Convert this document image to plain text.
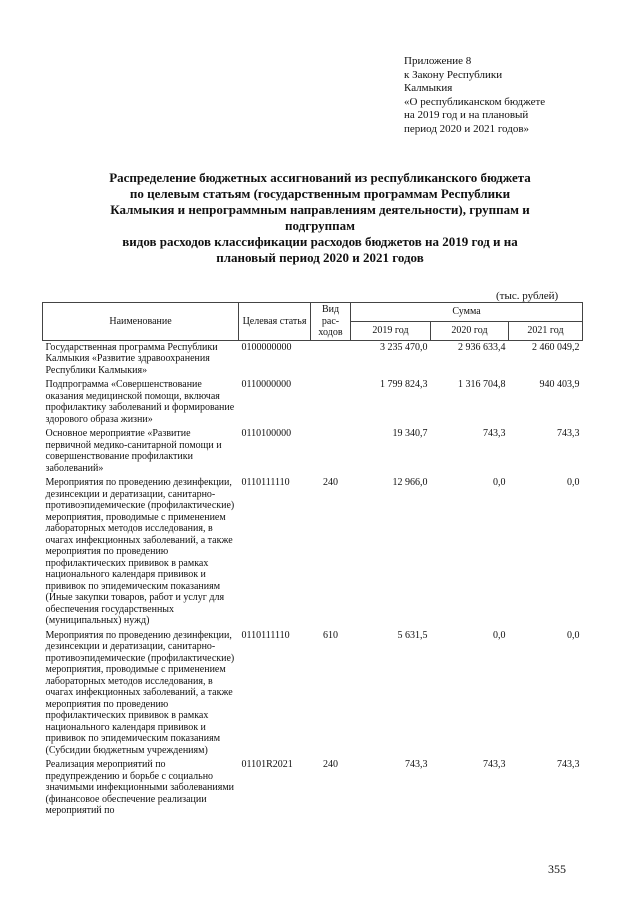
Приложение 8
к Закону Республики
Калмыкия
«О республиканском бюджете
на 2019 год и на плановый
период 2020 и 2021 годов»
Распределение бюджетных ассигнований из республиканского бюджета
по целевым статьям (государственным программам Республики
Калмыкия и непрограммным направлениям деятельности), группам и
подгруппам
видов расходов классификации расходов бюджетов на 2019 год и на
плановый период 2020 и 2021 годов
(тыс. рублей)
Наименование	Целевая статья	Вид рас-ходов	Сумма		
			2019 год	2020 год	2021 год
Государственная программа Республики Калмыкия «Развитие здравоохранения Республики Калмыкия»	0100000000		3 235 470,0	2 936 633,4	2 460 049,2
Подпрограмма «Совершенствование оказания медицинской помощи, включая профилактику заболеваний и формирование здорового образа жизни»	0110000000		1 799 824,3	1 316 704,8	940 403,9
Основное мероприятие «Развитие первичной медико-санитарной помощи и совершенствование профилактики заболеваний»	0110100000		19 340,7	743,3	743,3
Мероприятия по проведению дезинфекции, дезинсекции и дератизации, санитарно-противоэпидемические (профилактические) мероприятия, проводимые с применением лабораторных методов исследования, в очагах инфекционных заболеваний, а также мероприятия по проведению профилактических прививок в рамках национального календаря прививок и прививок по эпидемическим показаниям (Иные закупки товаров, работ и услуг для обеспечения государственных (муниципальных) нужд)	0110111110	240	12 966,0	0,0	0,0
Мероприятия по проведению дезинфекции, дезинсекции и дератизации, санитарно-противоэпидемические (профилактические) мероприятия, проводимые с применением лабораторных методов исследования, в очагах инфекционных заболеваний, а также мероприятия по проведению профилактических прививок в рамках национального календаря прививок и прививок по эпидемическим показаниям (Субсидии бюджетным учреждениям)	0110111110	610	5 631,5	0,0	0,0
Реализация мероприятий по предупреждению и борьбе с социально значимыми инфекционными заболеваниями (финансовое обеспечение реализации мероприятий по	01101R2021	240	743,3	743,3	743,3
355
